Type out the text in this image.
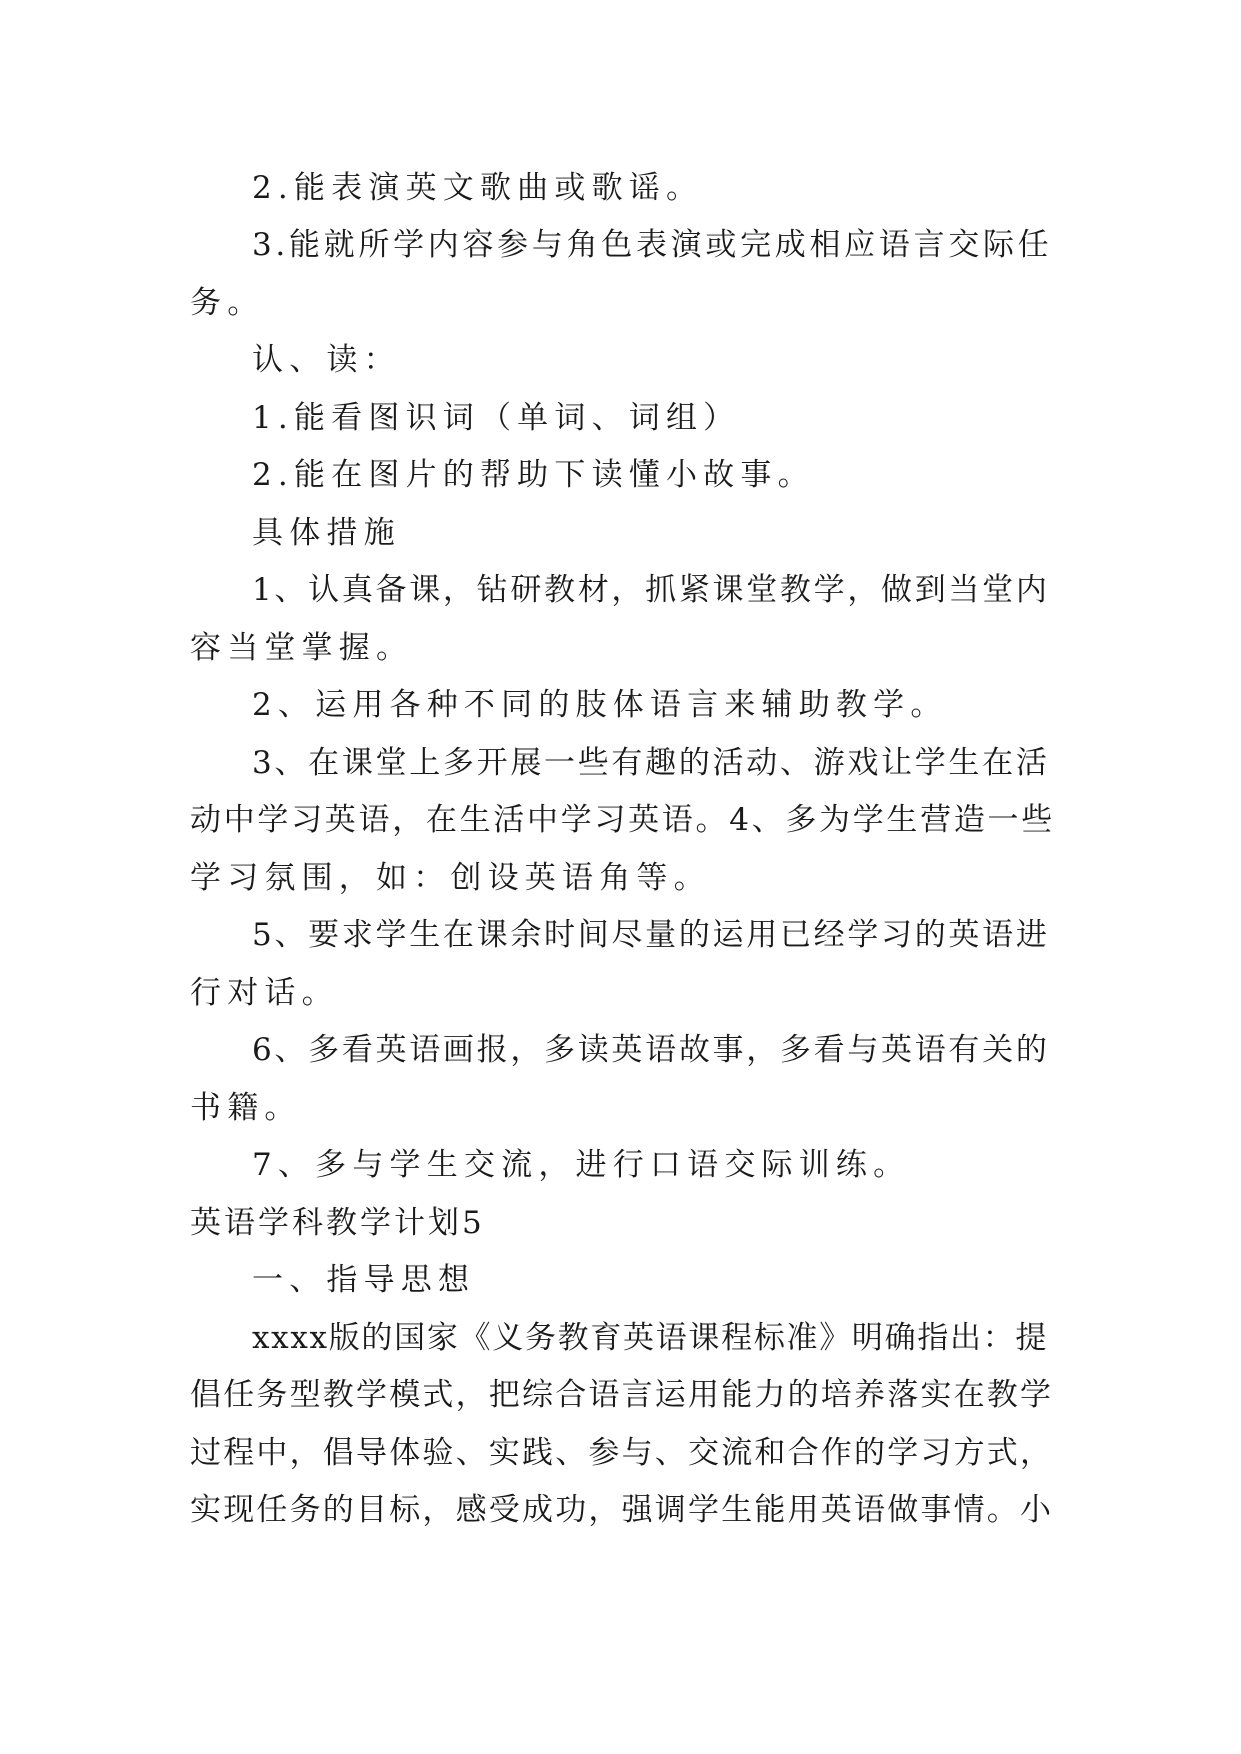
2.能表演英文歌曲或歌谣。
3.能就所学内容参与角色表演或完成相应语言交际任
务。
认、读：
1.能看图识词（单词、词组）
2.能在图片的帮助下读懂小故事。
具体措施
1、认真备课，钻研教材，抓紧课堂教学，做到当堂内
容当堂掌握。
2、运用各种不同的肢体语言来辅助教学。
3、在课堂上多开展一些有趣的活动、游戏让学生在活
动中学习英语，在生活中学习英语。4、多为学生营造一些
学习氛围，如：创设英语角等。
5、要求学生在课余时间尽量的运用已经学习的英语进
行对话。
6、多看英语画报，多读英语故事，多看与英语有关的
书籍。
7、多与学生交流，进行口语交际训练。
英语学科教学计划5
一、指导思想
xxxx版的国家《义务教育英语课程标准》明确指出：提
倡任务型教学模式，把综合语言运用能力的培养落实在教学
过程中，倡导体验、实践、参与、交流和合作的学习方式，
实现任务的目标，感受成功，强调学生能用英语做事情。小
